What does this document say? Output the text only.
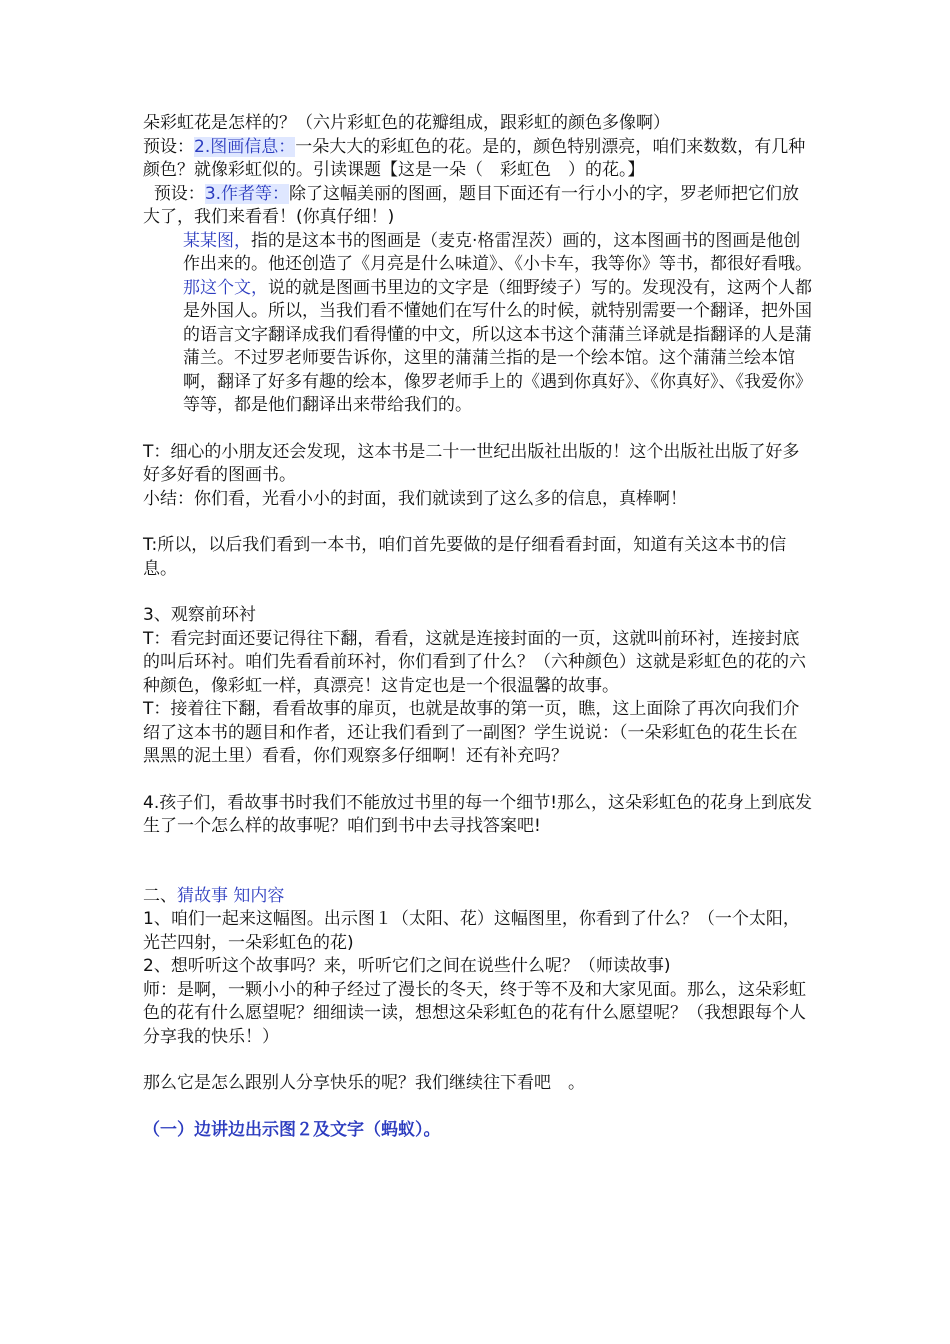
朵彩虹花是怎样的？（六片彩虹色的花瓣组成，跟彩虹的颜色多像啊）

预设：2.图画信息：一朵大大的彩虹色的花。是的，颜色特别漂亮，咱们来数数，有几种颜色？就像彩虹似的。引读课题【这是一朵（　彩虹色　）的花。】

预设：3.作者等：除了这幅美丽的图画，题目下面还有一行小小的字，罗老师把它们放大了，我们来看看！(你真仔细！)

某某图，指的是这本书的图画是（麦克·格雷涅茨）画的，这本图画书的图画是他创作出来的。他还创造了《月亮是什么味道》、《小卡车，我等你》等书，都很好看哦。

那这个文，说的就是图画书里边的文字是（细野绫子）写的。发现没有，这两个人都是外国人。所以，当我们看不懂她们在写什么的时候，就特别需要一个翻译，把外国的语言文字翻译成我们看得懂的中文，所以这本书这个蒲蒲兰译就是指翻译的人是蒲蒲兰。不过罗老师要告诉你，这里的蒲蒲兰指的是一个绘本馆。这个蒲蒲兰绘本馆啊，翻译了好多有趣的绘本，像罗老师手上的《遇到你真好》、《你真好》、《我爱你》等等，都是他们翻译出来带给我们的。

T：细心的小朋友还会发现，这本书是二十一世纪出版社出版的！这个出版社出版了好多好多好看的图画书。

小结：你们看，光看小小的封面，我们就读到了这么多的信息，真棒啊！

T:所以，以后我们看到一本书，咱们首先要做的是仔细看看封面，知道有关这本书的信息。

3、观察前环衬

T：看完封面还要记得往下翻，看看，这就是连接封面的一页，这就叫前环衬，连接封底的叫后环衬。咱们先看看前环衬，你们看到了什么？（六种颜色）这就是彩虹色的花的六种颜色，像彩虹一样，真漂亮！这肯定也是一个很温馨的故事。

T：接着往下翻，看看故事的扉页，也就是故事的第一页，瞧，这上面除了再次向我们介绍了这本书的题目和作者，还让我们看到了一副图？学生说说：（一朵彩虹色的花生长在黑黑的泥土里）看看，你们观察多仔细啊！还有补充吗？

4.孩子们，看故事书时我们不能放过书里的每一个细节!那么，这朵彩虹色的花身上到底发生了一个怎么样的故事呢？咱们到书中去寻找答案吧!

二、猜故事 知内容

1、咱们一起来这幅图。出示图１（太阳、花）这幅图里，你看到了什么？（一个太阳，光芒四射，一朵彩虹色的花)

2、想听听这个故事吗？来，听听它们之间在说些什么呢？（师读故事)

师：是啊，一颗小小的种子经过了漫长的冬天，终于等不及和大家见面。那么，这朵彩虹色的花有什么愿望呢？细细读一读，想想这朵彩虹色的花有什么愿望呢？（我想跟每个人分享我的快乐！）

那么它是怎么跟别人分享快乐的呢？我们继续往下看吧　。

（一）边讲边出示图２及文字（蚂蚁）。
